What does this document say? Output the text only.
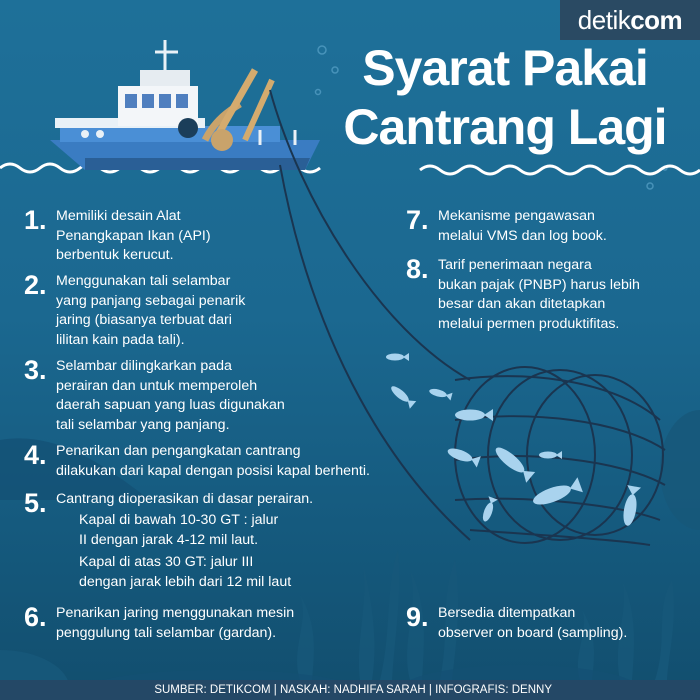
detikcom
Syarat Pakai
Cantrang Lagi
1. Memiliki desain Alat
Penangkapan Ikan (API)
berbentuk kerucut.
2. Menggunakan tali selambar
yang panjang sebagai penarik
jaring (biasanya terbuat dari
lilitan kain pada tali).
3. Selambar dilingkarkan pada
perairan dan untuk memperoleh
daerah sapuan yang luas digunakan
tali selambar yang panjang.
4. Penarikan dan pengangkatan cantrang
dilakukan dari kapal dengan posisi kapal berhenti.
5. Cantrang dioperasikan di dasar perairan.
Kapal di bawah 10-30 GT : jalur
II dengan jarak 4-12 mil laut.
Kapal di atas 30 GT: jalur III
dengan jarak lebih dari 12 mil laut
6. Penarikan jaring menggunakan mesin
penggulung tali selambar (gardan).
7. Mekanisme pengawasan
melalui VMS dan log book.
8. Tarif penerimaan negara
bukan pajak (PNBP) harus lebih
besar dan akan ditetapkan
melalui permen produktifitas.
9. Bersedia ditempatkan
observer on board (sampling).
SUMBER: DETIKCOM | NASKAH: NADHIFA SARAH | INFOGRAFIS: DENNY
